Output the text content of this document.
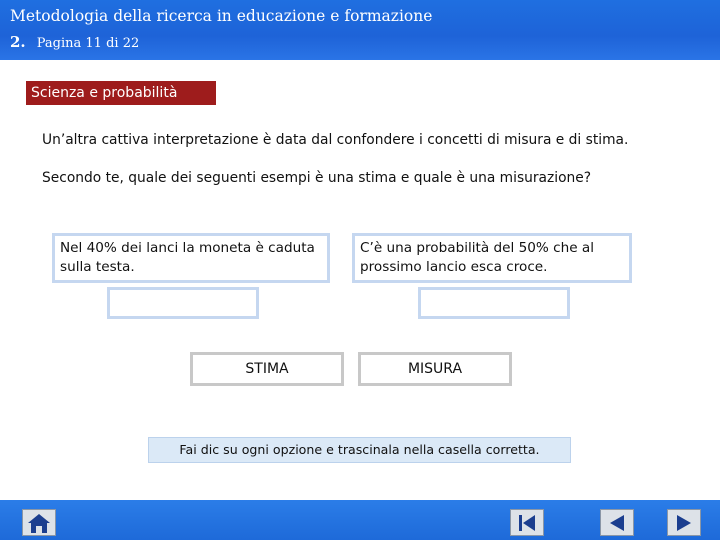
Metodologia della ricerca in educazione e formazione
2. Pagina 11 di 22
Scienza e probabilità
Un’altra cattiva interpretazione è data dal confondere i concetti di misura e di stima.
Secondo te, quale dei seguenti esempi è una stima e quale è una misurazione?
Nel 40% dei lanci la moneta è caduta sulla testa.
C’è una probabilità del 50% che al prossimo lancio esca croce.
STIMA	MISURA
Fai dic su ogni opzione e trascinala nella casella corretta.
